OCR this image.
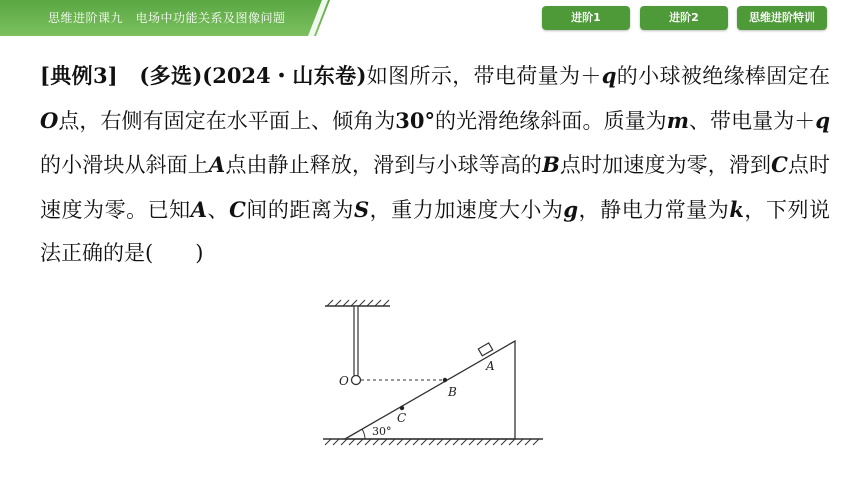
思维进阶课九　电场中功能关系及图像问题	进阶1	进阶2	思维进阶特训
[典例3]　 (多选)(2024・山东卷)如图所示，带电荷量为＋q的小球被绝缘棒固定在O点，右侧有固定在水平面上、倾角为30°的光滑绝缘斜面。质量为m、带电量为＋q的小滑块从斜面上A点由静止释放，滑到与小球等高的B点时加速度为零，滑到C点时速度为零。已知A、C间的距离为S，重力加速度大小为g，静电力常量为k，下列说法正确的是(　　)
O
A
B
C
30°
